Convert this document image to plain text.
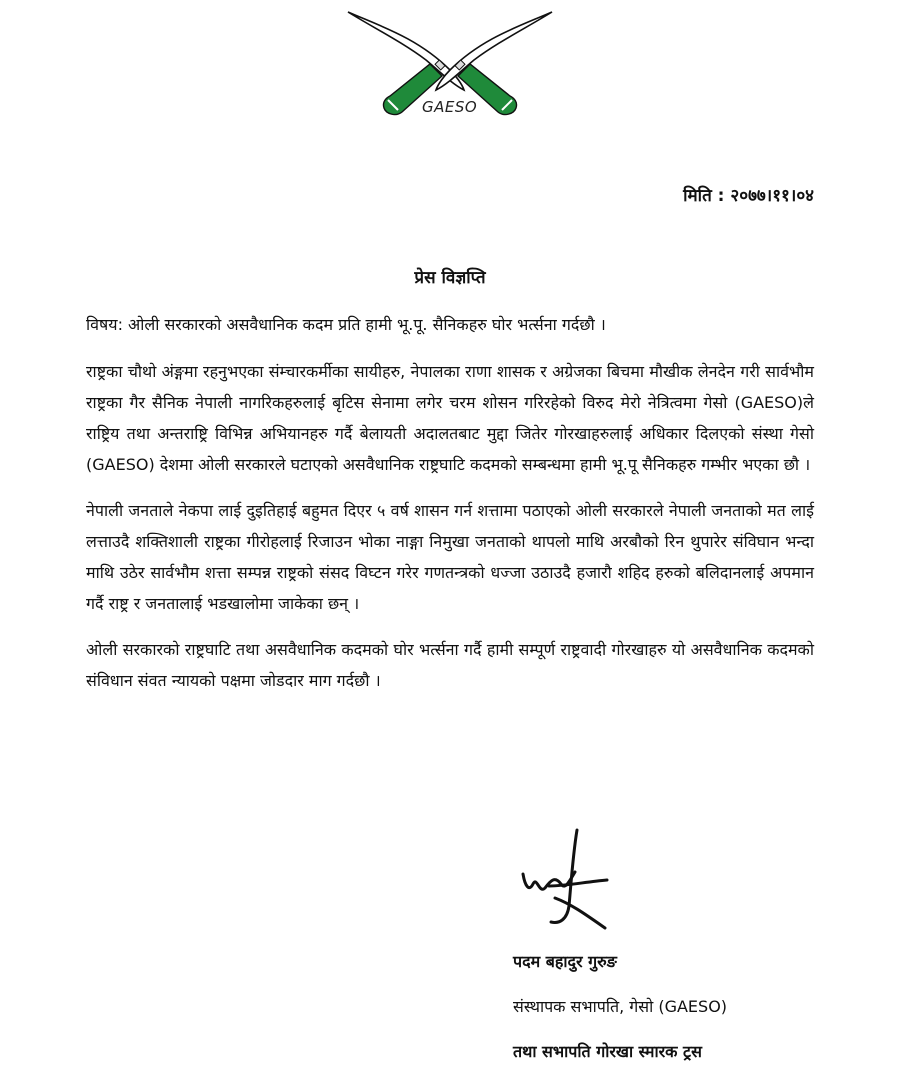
GAESO
मिति : २०७७।११।०४
प्रेस विज्ञप्ति

विषय: ओली सरकारको असवैधानिक कदम प्रति हामी भू.पू. सैनिकहरु घोर भर्त्सना गर्दछौ ।

राष्ट्रका चौथो अंङ्गमा रहनुभएका संम्चारकर्मीका सायीहरु, नेपालका राणा शासक र अग्रेजका बिचमा मौखीक लेनदेन गरी सार्वभौम राष्ट्रका गैर सैनिक नेपाली नागरिकहरुलाई बृटिस सेनामा लगेर चरम शोसन गरिरहेको विरुद मेरो नेत्रित्वमा गेसो (GAESO)ले राष्ट्रिय तथा अन्तराष्ट्रि विभिन्न अभियानहरु गर्दै बेलायती अदालतबाट मुद्दा जितेर गोरखाहरुलाई अधिकार दिलएको संस्था गेसो (GAESO) देशमा ओली सरकारले घटाएको असवैधानिक राष्ट्रघाटि कदमको सम्बन्धमा हामी भू.पू सैनिकहरु गम्भीर भएका छौ ।

नेपाली जनताले नेकपा लाई दुइतिहाई बहुमत दिएर ५ वर्ष शासन गर्न शत्तामा पठाएको ओली सरकारले नेपाली जनताको मत लाई लत्ताउदै शक्तिशाली राष्ट्रका गीरोहलाई रिजाउन भोका नाङ्गा निमुखा जनताको थापलो माथि अरबौको रिन थुपारेर संविघान भन्दा माथि उठेर सार्वभौम शत्ता सम्पन्न राष्ट्रको संसद विघ्टन गरेर गणतन्त्रको धज्जा उठाउदै हजारौ शहिद हरुको बलिदानलाई अपमान गर्दै राष्ट्र र जनतालाई भडखालोमा जाकेका छन् ।

ओली सरकारको राष्ट्रघाटि तथा असवैधानिक कदमको घोर भर्त्सना गर्दै हामी सम्पूर्ण राष्ट्रवादी गोरखाहरु यो असवैधानिक कदमको संविधान संवत न्यायको पक्षमा जोडदार माग गर्दछौ ।

पदम बहादुर गुरुङ
संस्थापक सभापति, गेसो (GAESO)
तथा सभापति गोरखा स्मारक ट्रस
